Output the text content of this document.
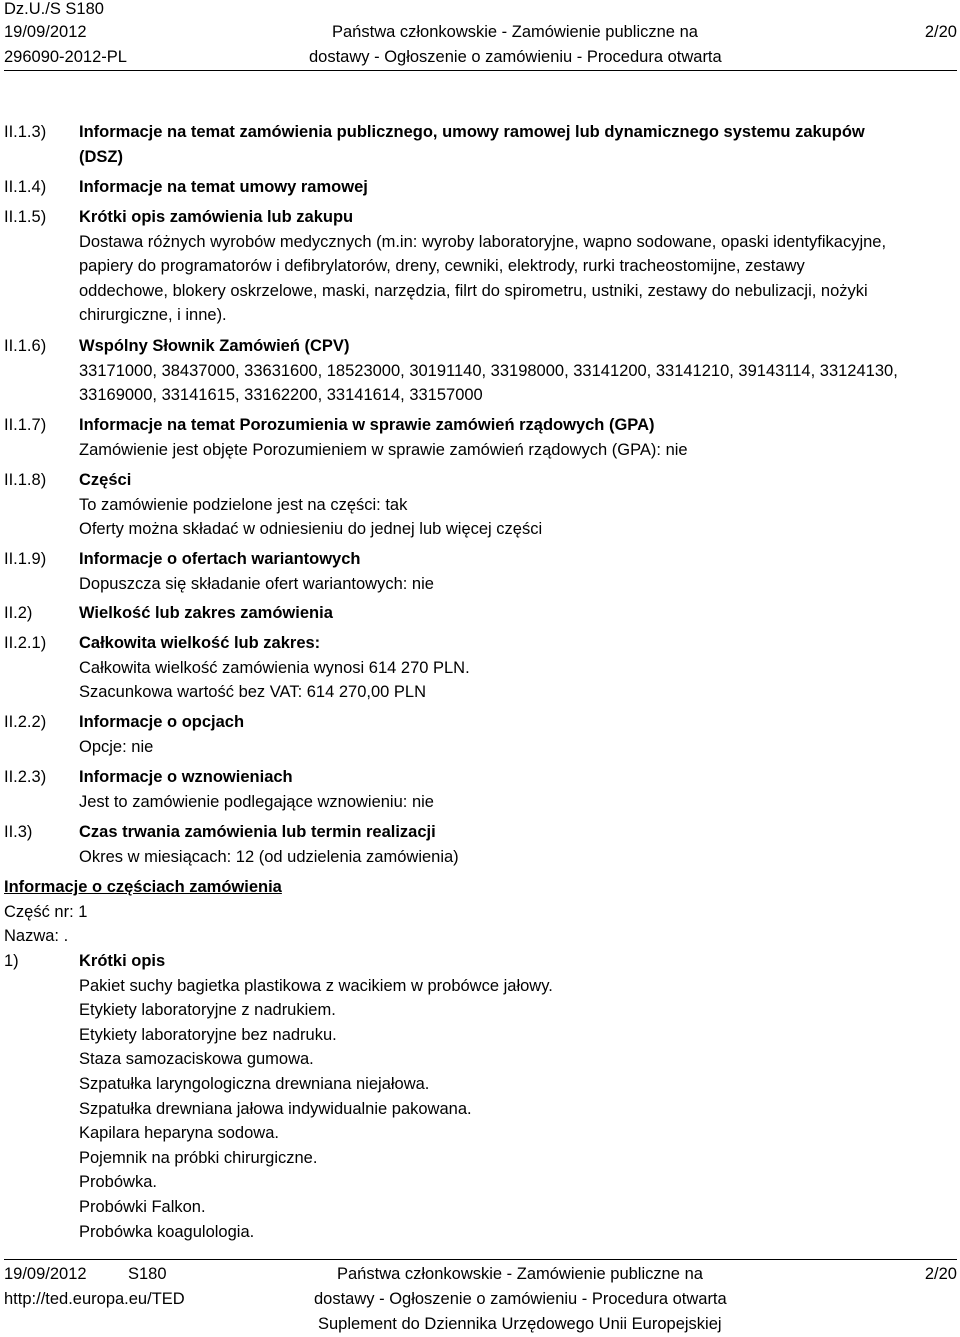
Dz.U./S S180
19/09/2012
296090-2012-PL
Państwa członkowskie - Zamówienie publiczne na
dostawy - Ogłoszenie o zamówieniu - Procedura otwarta
2/20
II.1.3)	Informacje na temat zamówienia publicznego, umowy ramowej lub dynamicznego systemu zakupów

(DSZ)

II.1.4)	Informacje na temat umowy ramowej

II.1.5)	Krótki opis zamówienia lub zakupu

Dostawa różnych wyrobów medycznych (m.in: wyroby laboratoryjne, wapno sodowane, opaski identyfikacyjne,

papiery do programatorów i defibrylatorów, dreny, cewniki, elektrody, rurki tracheostomijne, zestawy

oddechowe, blokery oskrzelowe, maski, narzędzia, filrt do spirometru, ustniki, zestawy do nebulizacji, nożyki

chirurgiczne, i inne).

II.1.6)	Wspólny Słownik Zamówień (CPV)

33171000, 38437000, 33631600, 18523000, 30191140, 33198000, 33141200, 33141210, 39143114, 33124130,

33169000, 33141615, 33162200, 33141614, 33157000

II.1.7)	Informacje na temat Porozumienia w sprawie zamówień rządowych (GPA)

Zamówienie jest objęte Porozumieniem w sprawie zamówień rządowych (GPA): nie

II.1.8)	Części

To zamówienie podzielone jest na części: tak

Oferty można składać w odniesieniu do jednej lub więcej części

II.1.9)	Informacje o ofertach wariantowych

Dopuszcza się składanie ofert wariantowych: nie

II.2)	Wielkość lub zakres zamówienia

II.2.1)	Całkowita wielkość lub zakres:

Całkowita wielkość zamówienia wynosi 614 270 PLN.

Szacunkowa wartość bez VAT: 614 270,00 PLN

II.2.2)	Informacje o opcjach

Opcje: nie

II.2.3)	Informacje o wznowieniach

Jest to zamówienie podlegające wznowieniu: nie

II.3)	Czas trwania zamówienia lub termin realizacji

Okres w miesiącach: 12 (od udzielenia zamówienia)

Informacje o częściach zamówienia

Część nr: 1

Nazwa: .

1)	Krótki opis

Pakiet suchy bagietka plastikowa z wacikiem w probówce jałowy.

Etykiety laboratoryjne z nadrukiem.

Etykiety laboratoryjne bez nadruku.

Staza samozaciskowa gumowa.

Szpatułka laryngologiczna drewniana niejałowa.

Szpatułka drewniana jałowa indywidualnie pakowana.

Kapilara heparyna sodowa.

Pojemnik na próbki chirurgiczne.

Probówka.

Probówki Falkon.

Probówka koagulologia.

19/09/2012	S180
http://ted.europa.eu/TED
Państwa członkowskie - Zamówienie publiczne na
dostawy - Ogłoszenie o zamówieniu - Procedura otwarta
Suplement do Dziennika Urzędowego Unii Europejskiej
2/20
